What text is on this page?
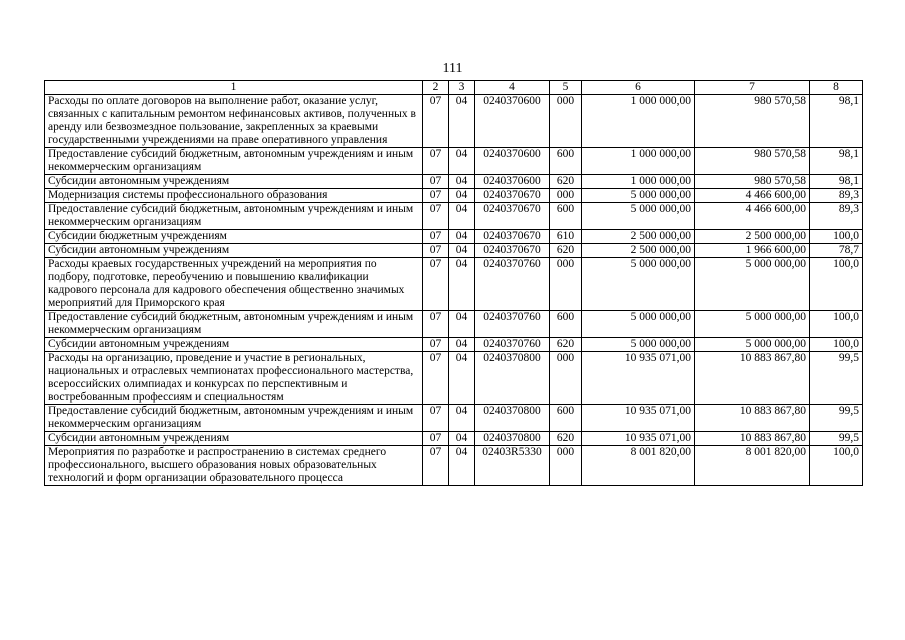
111
1	2	3	4	5	6	7	8
Расходы по оплате договоров на выполнение работ, оказание услуг, связанных с капитальным ремонтом нефинансовых активов, полученных в аренду или безвозмездное пользование, закрепленных за краевыми государственными учреждениями на праве оперативного управления	07	04	0240370600	000	1 000 000,00	980 570,58	98,1
Предоставление субсидий бюджетным, автономным учреждениям и иным некоммерческим организациям	07	04	0240370600	600	1 000 000,00	980 570,58	98,1
Субсидии автономным учреждениям	07	04	0240370600	620	1 000 000,00	980 570,58	98,1
Модернизация системы профессионального образования	07	04	0240370670	000	5 000 000,00	4 466 600,00	89,3
Предоставление субсидий бюджетным, автономным учреждениям и иным некоммерческим организациям	07	04	0240370670	600	5 000 000,00	4 466 600,00	89,3
Субсидии бюджетным учреждениям	07	04	0240370670	610	2 500 000,00	2 500 000,00	100,0
Субсидии автономным учреждениям	07	04	0240370670	620	2 500 000,00	1 966 600,00	78,7
Расходы краевых государственных учреждений на мероприятия по подбору, подготовке, переобучению и повышению квалификации кадрового персонала для кадрового обеспечения общественно значимых мероприятий для Приморского края	07	04	0240370760	000	5 000 000,00	5 000 000,00	100,0
Предоставление субсидий бюджетным, автономным учреждениям и иным некоммерческим организациям	07	04	0240370760	600	5 000 000,00	5 000 000,00	100,0
Субсидии автономным учреждениям	07	04	0240370760	620	5 000 000,00	5 000 000,00	100,0
Расходы на организацию, проведение и участие в региональных, национальных и отраслевых чемпионатах профессионального мастерства, всероссийских олимпиадах и конкурсах по перспективным и востребованным профессиям и специальностям	07	04	0240370800	000	10 935 071,00	10 883 867,80	99,5
Предоставление субсидий бюджетным, автономным учреждениям и иным некоммерческим организациям	07	04	0240370800	600	10 935 071,00	10 883 867,80	99,5
Субсидии автономным учреждениям	07	04	0240370800	620	10 935 071,00	10 883 867,80	99,5
Мероприятия по разработке и распространению в системах среднего профессионального, высшего образования новых образовательных технологий и форм организации образовательного процесса	07	04	02403R5330	000	8 001 820,00	8 001 820,00	100,0
